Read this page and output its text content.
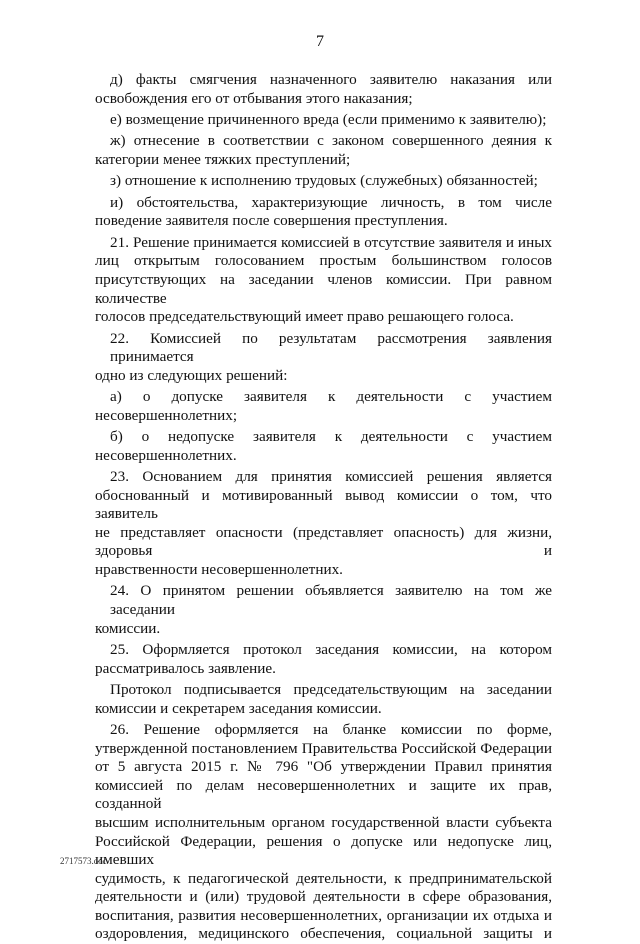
7
д) факты смягчения назначенного заявителю наказания или
освобождения его от отбывания этого наказания;
е) возмещение причиненного вреда (если применимо к заявителю);
ж) отнесение в соответствии с законом совершенного деяния к
категории менее тяжких преступлений;
з) отношение к исполнению трудовых (служебных) обязанностей;
и) обстоятельства, характеризующие личность, в том числе
поведение заявителя после совершения преступления.
21. Решение принимается комиссией в отсутствие заявителя и иных
лиц открытым голосованием простым большинством голосов
присутствующих на заседании членов комиссии. При равном количестве
голосов председательствующий имеет право решающего голоса.
22. Комиссией по результатам рассмотрения заявления принимается
одно из следующих решений:
а) о допуске заявителя к деятельности с участием
несовершеннолетних;
б) о недопуске заявителя к деятельности с участием
несовершеннолетних.
23. Основанием для принятия комиссией решения является
обоснованный и мотивированный вывод комиссии о том, что заявитель
не представляет опасности (представляет опасность) для жизни, здоровья и
нравственности несовершеннолетних.
24. О принятом решении объявляется заявителю на том же заседании
комиссии.
25. Оформляется протокол заседания комиссии, на котором
рассматривалось заявление.
Протокол подписывается председательствующим на заседании
комиссии и секретарем заседания комиссии.
26. Решение оформляется на бланке комиссии по форме,
утвержденной постановлением Правительства Российской Федерации
от 5 августа 2015 г. № 796 "Об утверждении Правил принятия
комиссией по делам несовершеннолетних и защите их прав, созданной
высшим исполнительным органом государственной власти субъекта
Российской Федерации, решения о допуске или недопуске лиц, имевших
судимость, к педагогической деятельности, к предпринимательской
деятельности и (или) трудовой деятельности в сфере образования,
воспитания, развития несовершеннолетних, организации их отдыха и
оздоровления, медицинского обеспечения, социальной защиты и
2717573.doc
